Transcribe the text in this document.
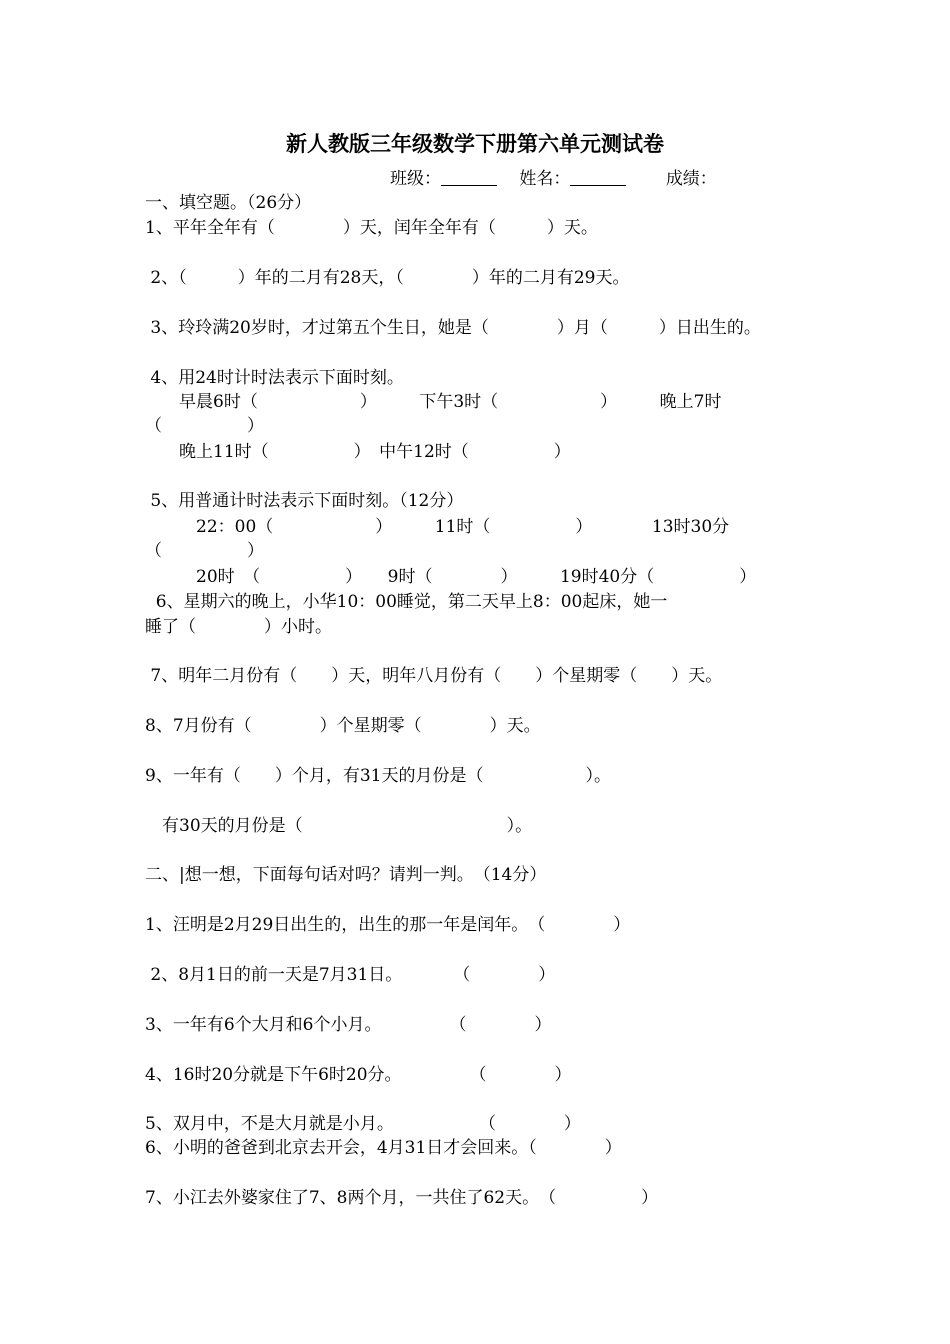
新人教版三年级数学下册第六单元测试卷
班级：　	姓名：　　	成绩：
一、填空题。（26分）
1、平年全年有（　　　　）天，闰年全年有（　　　）天。
2、（　　　）年的二月有28天，（　　　　）年的二月有29天。
3、玲玲满20岁时，才过第五个生日，她是（　　　　）月（　　　）日出生的。
4、用24时计时法表示下面时刻。
　　早晨6时（　　　　　　）　　　下午3时（　　　　　　）　　　晚上7时
（　　　　　）
　　晚上11时（　　　　　）　中午12时（　　　　　）
5、用普通计时法表示下面时刻。（12分）
　　　22：00（　　　　　　）　　　11时（　　　　　）　　　　13时30分
（　　　　　）
　　　20时　（　　　　　）　　9时（　　　　）　　　19时40分（　　　　　）
6、星期六的晚上，小华10：00睡觉，第二天早上8：00起床，她一
睡了（　　　　）小时。
7、明年二月份有（　　）天，明年八月份有（　　）个星期零（　　）天。
8、7月份有（　　　　）个星期零（　　　　）天。
9、一年有（　　）个月，有31天的月份是（　　　　　　）。
　有30天的月份是（　　　　　　　　　　　　）。
二、|想一想，下面每句话对吗？请判一判。　（14分）
1、汪明是2月29日出生的，出生的那一年是闰年。　（　　　　）
2、8月1日的前一天是7月31日。　　　　（　　　　）
3、一年有6个大月和6个小月。　　　　　（　　　　）
4、16时20分就是下午6时20分。　　　　　（　　　　）
5、双月中，不是大月就是小月。　　　　　　（　　　　）
6、小明的爸爸到北京去开会，4月31日才会回来。（　　　　）
7、小江去外婆家住了7、8两个月，一共住了62天。　（　　　　　）
